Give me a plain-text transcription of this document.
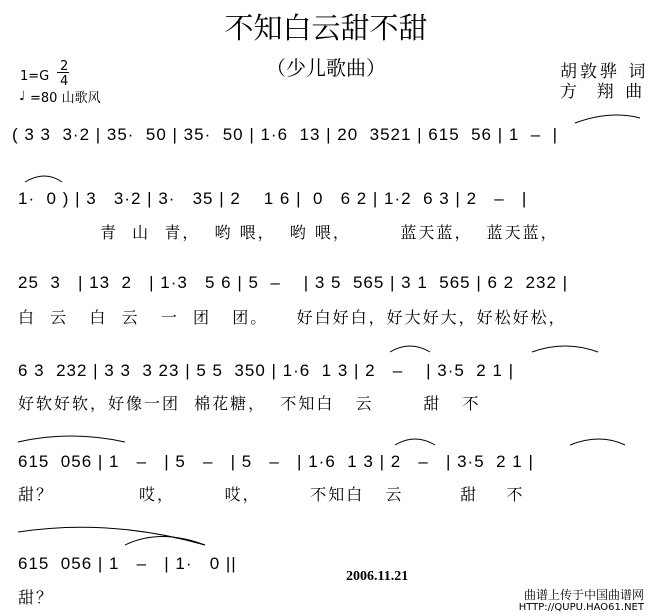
不知白云甜不甜
（少儿歌曲）	胡敦骅 词
方  翔 曲
1=G
2
4
♩ =80 山歌风
( 3 3  3·2 | 35·  50 | 35·  50 | 1·6  13 | 20  3521 | 615  56 | 1  –  |
1·  0 ) | 3   3·2 | 3·   35 | 2    1 6 |  0   6 2 | 1·2  6 3 | 2   –   |
青  山  青，  哟 喂，  哟 喂，       蓝天蓝，  蓝天蓝，
25  3   | 13  2   | 1·3   5 6 | 5  –    | 3 5  565 | 3 1  565 | 6 2  232 |
白  云   白  云   一  团   团。    好白好白，好大好大，好松好松，
6 3  232 | 3 3  3 23 | 5 5  350 | 1·6  1 3 | 2   –    | 3·5  2 1 |
好软好软，好像一团  棉花糖，  不知白   云       甜   不
615  056 | 1   –   | 5   –   | 5   –   | 1·6  1 3 | 2   –   | 3·5  2 1 |
甜？            哎，       哎，       不知白   云        甜    不
615  056 | 1   –   | 1·   0 ||
甜？
2006.11.21
曲谱上传于中国曲谱网
HTTP://QUPU.HAO61.NET
